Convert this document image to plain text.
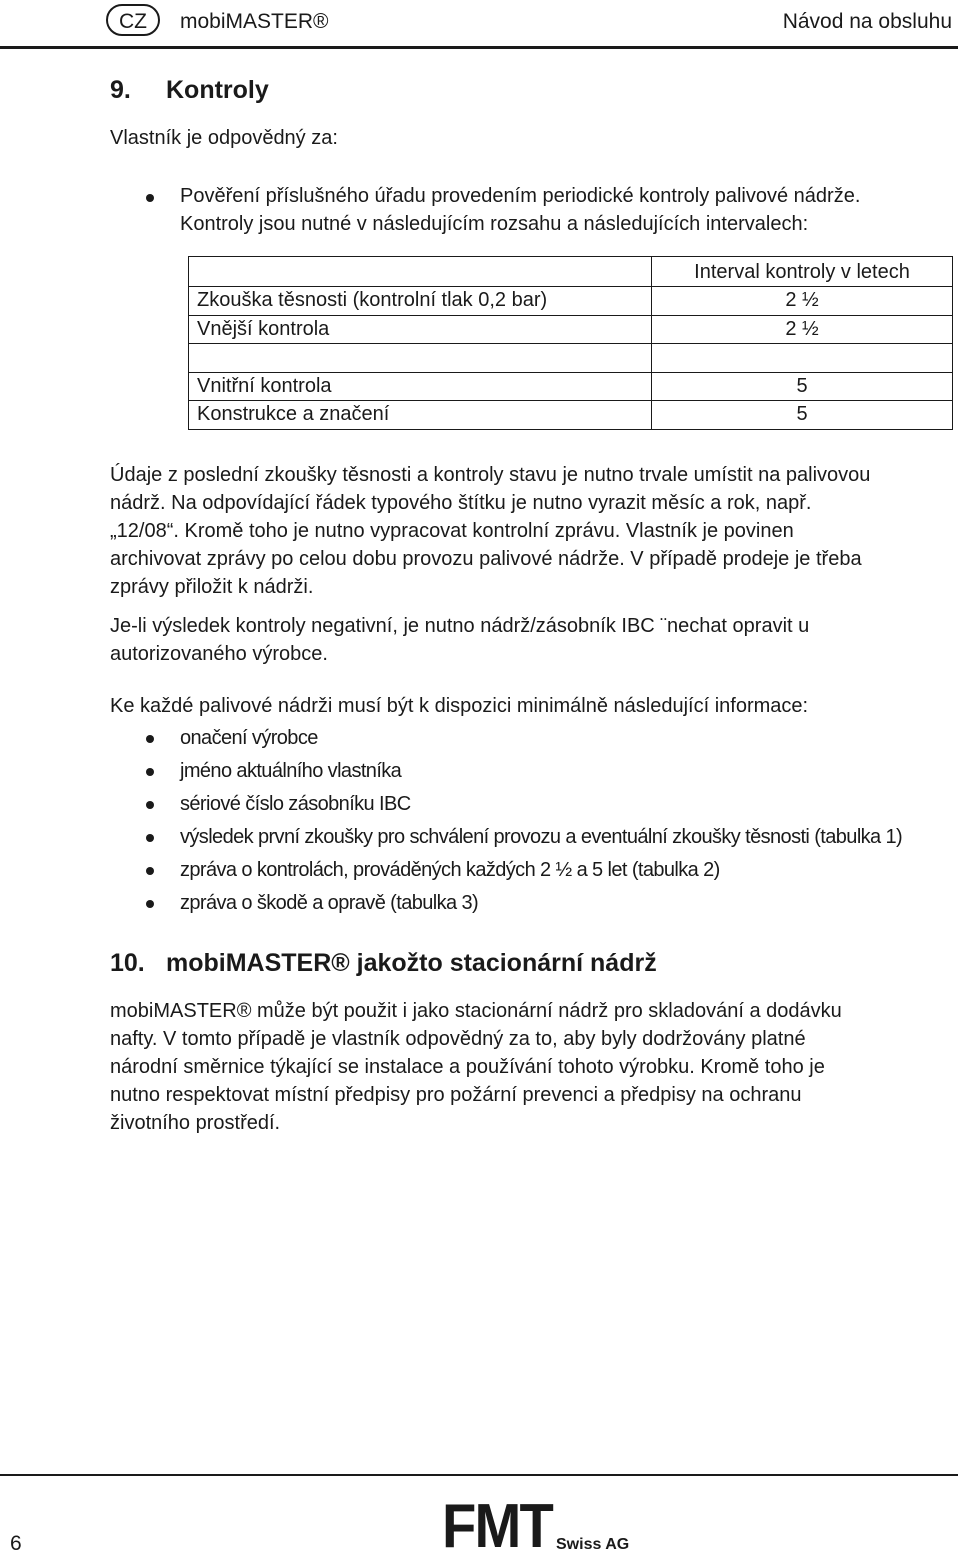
CZ	mobiMASTER®	Návod na obsluhu
9. Kontroly
Vlastník je odpovědný za:
Pověření příslušného úřadu provedením periodické kontroly palivové nádrže.
Kontroly jsou nutné v následujícím rozsahu a následujících intervalech:
	Interval kontroly v letech
Zkouška těsnosti (kontrolní tlak 0,2 bar)	2 ½
Vnější kontrola	2 ½

Vnitřní kontrola	5
Konstrukce a značení	5
Údaje z poslední zkoušky těsnosti a kontroly stavu je nutno trvale umístit na palivovou
nádrž. Na odpovídající řádek typového štítku je nutno vyrazit měsíc a rok, např.
„12/08“. Kromě toho je nutno vypracovat kontrolní zprávu. Vlastník je povinen
archivovat zprávy po celou dobu provozu palivové nádrže. V případě prodeje je třeba
zprávy přiložit k nádrži.
Je-li výsledek kontroly negativní, je nutno nádrž/zásobník IBC ¨nechat opravit u
autorizovaného výrobce.
Ke každé palivové nádrži musí být k dispozici minimálně následující informace:
onačení výrobce
jméno aktuálního vlastníka
sériové číslo zásobníku IBC
výsledek první zkoušky pro schválení provozu a eventuální zkoušky těsnosti (tabulka 1)
zpráva o kontrolách, prováděných každých 2 ½ a 5 let (tabulka 2)
zpráva o škodě a opravě (tabulka 3)
10. mobiMASTER® jakožto stacionární nádrž
mobiMASTER® může být použit i jako stacionární nádrž pro skladování a dodávku
nafty. V tomto případě je vlastník odpovědný za to, aby byly dodržovány platné
národní směrnice týkající se instalace a používání tohoto výrobku. Kromě toho je
nutno respektovat místní předpisy pro požární prevenci a předpisy na ochranu
životního prostředí.
6	FMT Swiss AG
